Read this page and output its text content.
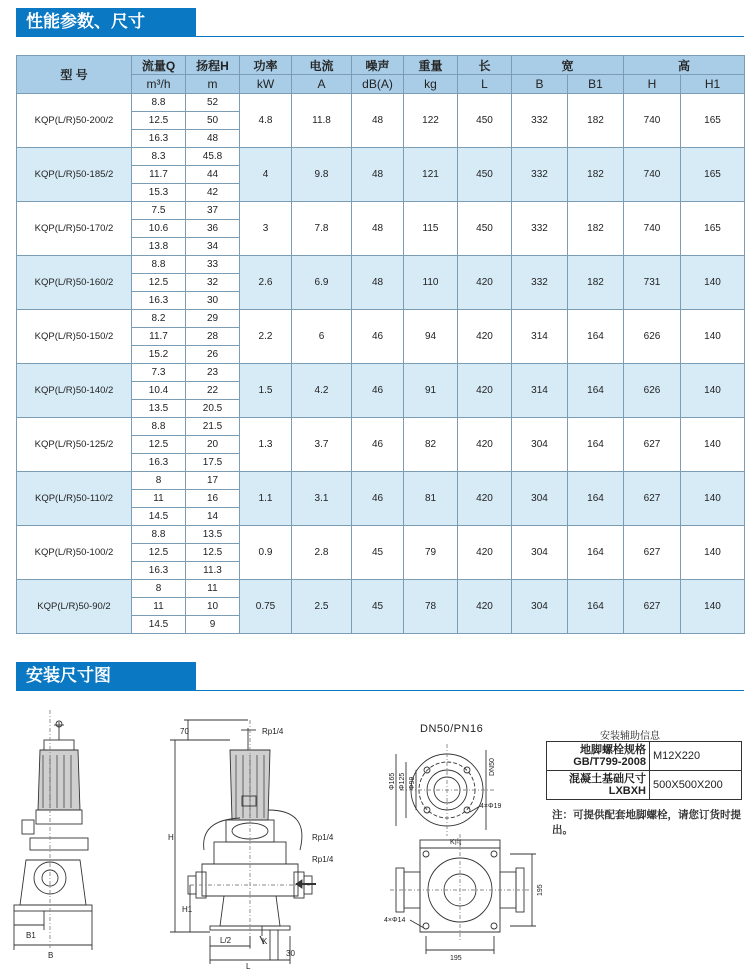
性能参数、尺寸
型 号	流量Q	扬程H	功率	电流	噪声	重量	长	宽		高	
	m³/h	m	kW	A	dB(A)	kg	L	B	B1	H	H1
KQP(L/R)50-200/2	8.8	52	4.8	11.8	48	122	450	332	182	740	165
	12.5	50									
	16.3	48									
KQP(L/R)50-185/2	8.3	45.8	4	9.8	48	121	450	332	182	740	165
	11.7	44									
	15.3	42									
KQP(L/R)50-170/2	7.5	37	3	7.8	48	115	450	332	182	740	165
	10.6	36									
	13.8	34									
KQP(L/R)50-160/2	8.8	33	2.6	6.9	48	110	420	332	182	731	140
	12.5	32									
	16.3	30									
KQP(L/R)50-150/2	8.2	29	2.2	6	46	94	420	314	164	626	140
	11.7	28									
	15.2	26									
KQP(L/R)50-140/2	7.3	23	1.5	4.2	46	91	420	314	164	626	140
	10.4	22									
	13.5	20.5									
KQP(L/R)50-125/2	8.8	21.5	1.3	3.7	46	82	420	304	164	627	140
	12.5	20									
	16.3	17.5									
KQP(L/R)50-110/2	8	17	1.1	3.1	46	81	420	304	164	627	140
	11	16									
	14.5	14									
KQP(L/R)50-100/2	8.8	13.5	0.9	2.8	45	79	420	304	164	627	140
	12.5	12.5									
	16.3	11.3									
KQP(L/R)50-90/2	8	11	0.75	2.5	45	78	420	304	164	627	140
	11	10									
	14.5	9									
安装尺寸图
Rp1/4
Rp1/4
Rp1/4
70
H
H1
B1
B
L/2
L
K
30
Φ165 Φ125 Φ99
DN50
4×Φ19
K向
4×Φ14
195
195
DN50/PN16
安装辅助信息
地脚螺栓规格
GB/T799-2008	M12X220
混凝土基础尺寸
LXBXH	500X500X200
注：可提供配套地脚螺栓，请您订货时提出。
